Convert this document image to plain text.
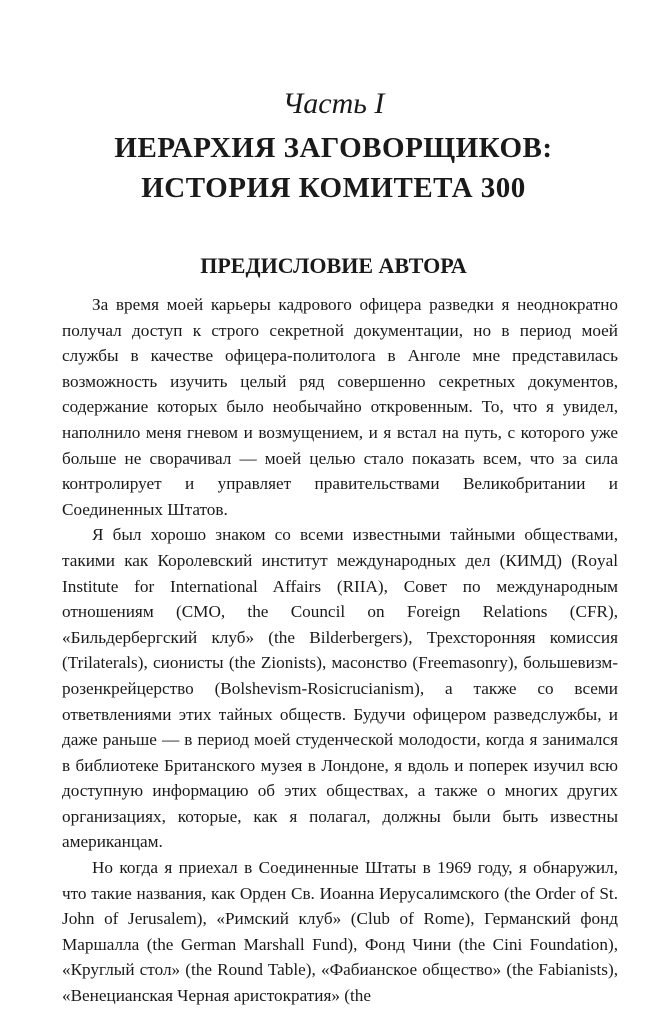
Часть I
ИЕРАРХИЯ ЗАГОВОРЩИКОВ:
ИСТОРИЯ КОМИТЕТА 300
ПРЕДИСЛОВИЕ АВТОРА

За время моей карьеры кадрового офицера разведки я неоднократно получал доступ к строго секретной документации, но в период моей службы в качестве офицера-политолога в Анголе мне представилась возможность изучить целый ряд совершенно секретных документов, содержание которых было необычайно откровенным. То, что я увидел, наполнило меня гневом и возмущением, и я встал на путь, с которого уже больше не сворачивал — моей целью стало показать всем, что за сила контролирует и управляет правительствами Великобритании и Соединенных Штатов.

Я был хорошо знаком со всеми известными тайными обществами, такими как Королевский институт международных дел (КИМД) (Royal Institute for International Affairs (RIIA), Совет по международным отношениям (СМО, the Council on Foreign Relations (CFR), «Бильдербергский клуб» (the Bilderbergers), Трехсторонняя комиссия (Trilaterals), сионисты (the Zionists), масонство (Freemasonry), большевизм-розенкрейцерство (Bolshevism-Rosicrucianism), а также со всеми ответвлениями этих тайных обществ. Будучи офицером разведслужбы, и даже раньше — в период моей студенческой молодости, когда я занимался в библиотеке Британского музея в Лондоне, я вдоль и поперек изучил всю доступную информацию об этих обществах, а также о многих других организациях, которые, как я полагал, должны были быть известны американцам.

Но когда я приехал в Соединенные Штаты в 1969 году, я обнаружил, что такие названия, как Орден Св. Иоанна Иерусалимского (the Order of St. John of Jerusalem), «Римский клуб» (Club of Rome), Германский фонд Маршалла (the German Marshall Fund), Фонд Чини (the Cini Foundation), «Круглый стол» (the Round Table), «Фабианское общество» (the Fabianists), «Венецианская Черная аристократия» (the
